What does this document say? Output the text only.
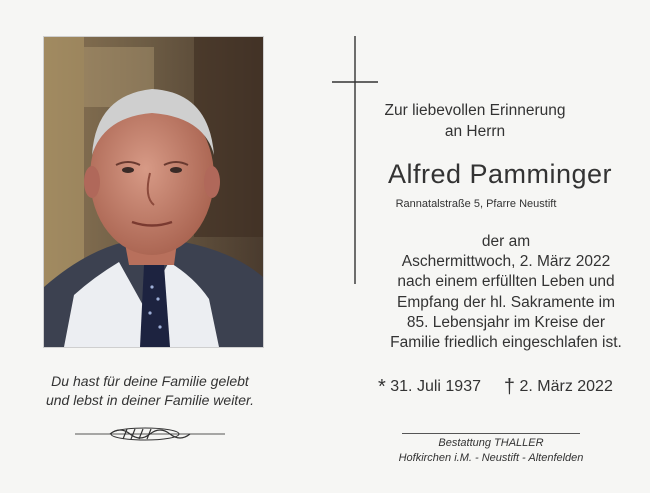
Du hast für deine Familie gelebt
und lebst in deiner Familie weiter.
Zur liebevollen Erinnerung
an Herrn
Alfred Pamminger
Rannatalstraße 5, Pfarre Neustift
der am
Aschermittwoch, 2. März 2022
nach einem erfüllten Leben und
Empfang der hl. Sakramente im
85. Lebensjahr im Kreise der
Familie friedlich eingeschlafen ist.
* 31. Juli 1937 † 2. März 2022
Bestattung THALLER
Hofkirchen i.M. - Neustift - Altenfelden
